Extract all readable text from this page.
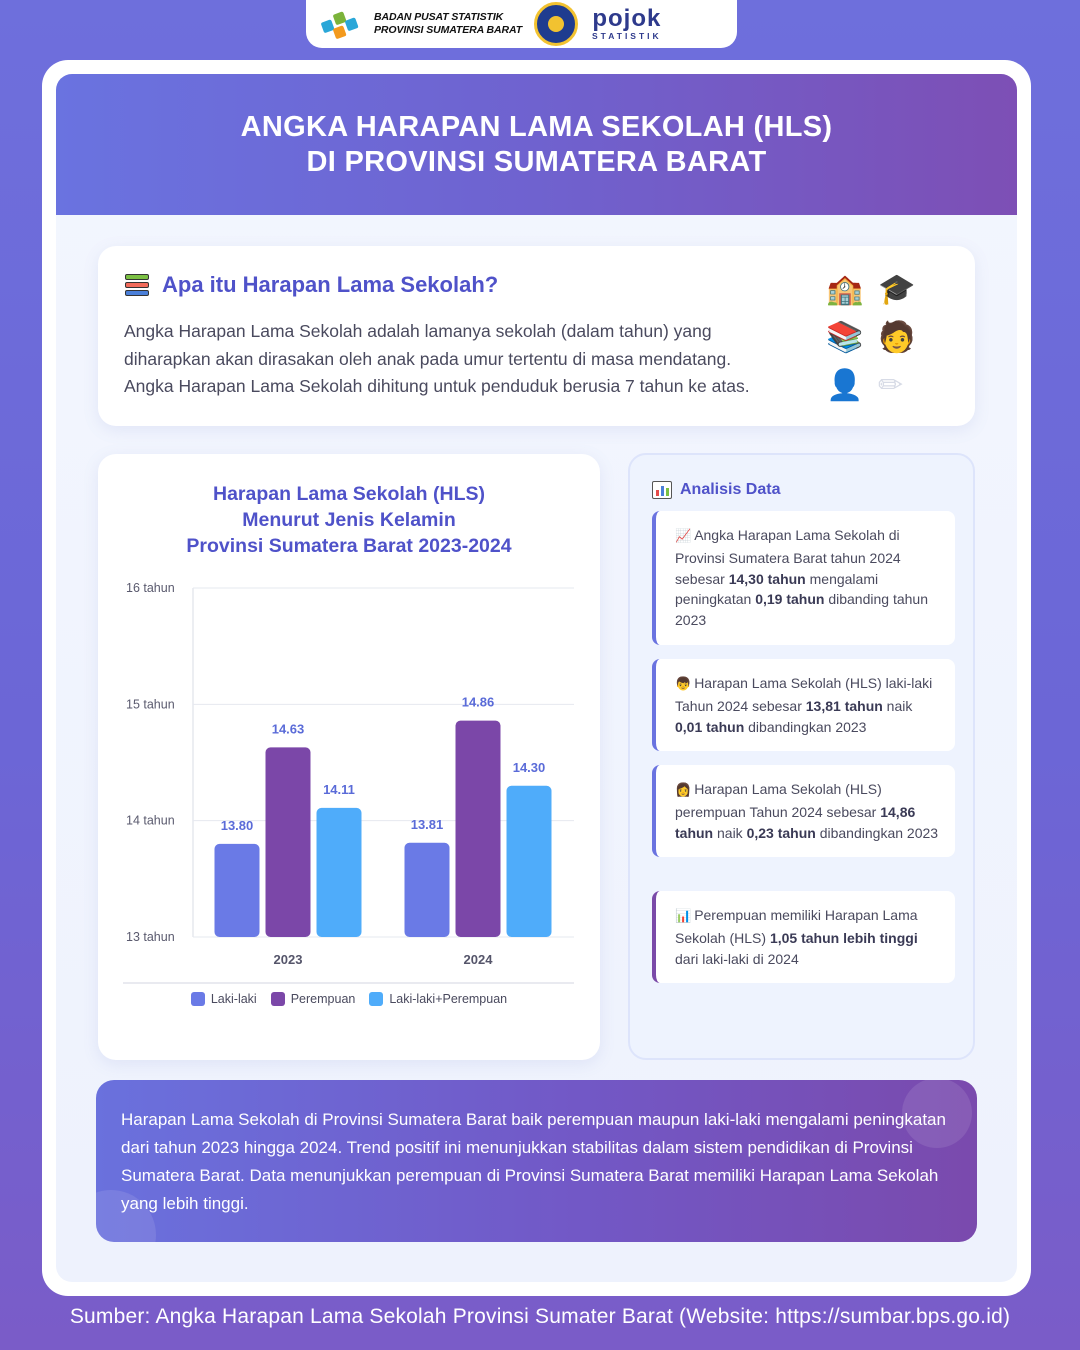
BADAN PUSAT STATISTIK
PROVINSI SUMATERA BARAT	pojok
STATISTIK
ANGKA HARAPAN LAMA SEKOLAH (HLS)
DI PROVINSI SUMATERA BARAT
Apa itu Harapan Lama Sekolah?
Angka Harapan Lama Sekolah adalah lamanya sekolah (dalam tahun) yang
diharapkan akan dirasakan oleh anak pada umur tertentu di masa mendatang.
Angka Harapan Lama Sekolah dihitung untuk penduduk berusia 7 tahun ke atas.
🏫 🎓
📚 🧑
👤 ✏
Harapan Lama Sekolah (HLS)
Menurut Jenis Kelamin
Provinsi Sumatera Barat 2023-2024
13 tahun
14 tahun
15 tahun
16 tahun
13.80
14.63
14.11
2023
13.81
14.86
14.30
2024
Laki-laki	Perempuan	Laki-laki+Perempuan
Analisis Data
📈 Angka Harapan Lama Sekolah di Provinsi Sumatera Barat tahun 2024 sebesar 14,30 tahun mengalami peningkatan 0,19 tahun dibanding tahun 2023
👦 Harapan Lama Sekolah (HLS) laki-laki Tahun 2024 sebesar 13,81 tahun naik 0,01 tahun dibandingkan 2023
👩 Harapan Lama Sekolah (HLS) perempuan Tahun 2024 sebesar 14,86 tahun naik 0,23 tahun dibandingkan 2023
📊 Perempuan memiliki Harapan Lama Sekolah (HLS) 1,05 tahun lebih tinggi dari laki-laki di 2024
Harapan Lama Sekolah di Provinsi Sumatera Barat baik perempuan maupun laki-laki mengalami peningkatan dari tahun 2023 hingga 2024. Trend positif ini menunjukkan stabilitas dalam sistem pendidikan di Provinsi Sumatera Barat. Data menunjukkan perempuan di Provinsi Sumatera Barat memiliki Harapan Lama Sekolah yang lebih tinggi.
Sumber: Angka Harapan Lama Sekolah Provinsi Sumater Barat (Website: https://sumbar.bps.go.id)
